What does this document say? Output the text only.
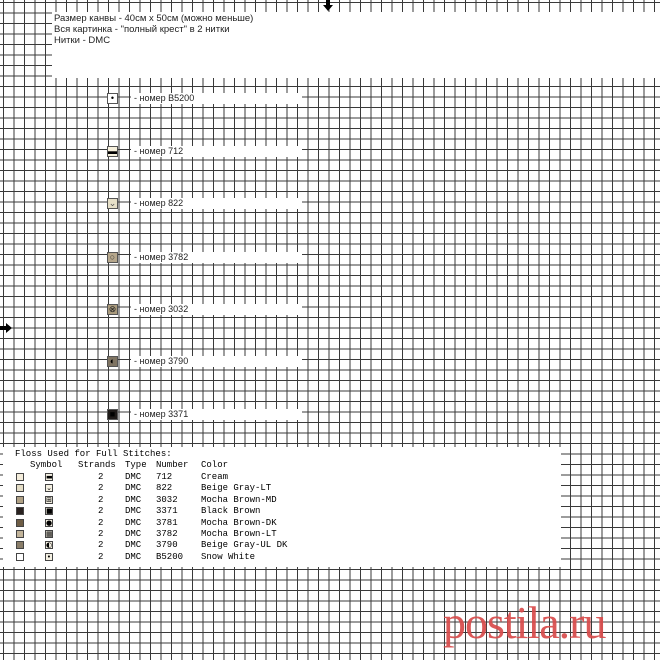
Размер канвы - 40см х 50см (можно меньше)
Вся картинка - "полный крест" в 2 нитки
Нитки - DMC
•	- номер B5200
▬	- номер 712
⌄	- номер 822
○	- номер 3782
⊗	- номер 3032
◐	- номер 3790
■	- номер 3371
Floss Used for Full Stitches:
Symbol Strands Type Number Color
▬	2 DMC 712	Cream
⌄	2 DMC 822	Beige Gray-LT
⊞	2 DMC 3032	Mocha Brown-MD
■	2 DMC 3371	Black Brown
●	2 DMC 3781	Mocha Brown-DK
▦	2 DMC 3782	Mocha Brown-LT
◐	2 DMC 3790	Beige Gray-UL DK
•	2 DMC B5200 Snow White
postila.ru
